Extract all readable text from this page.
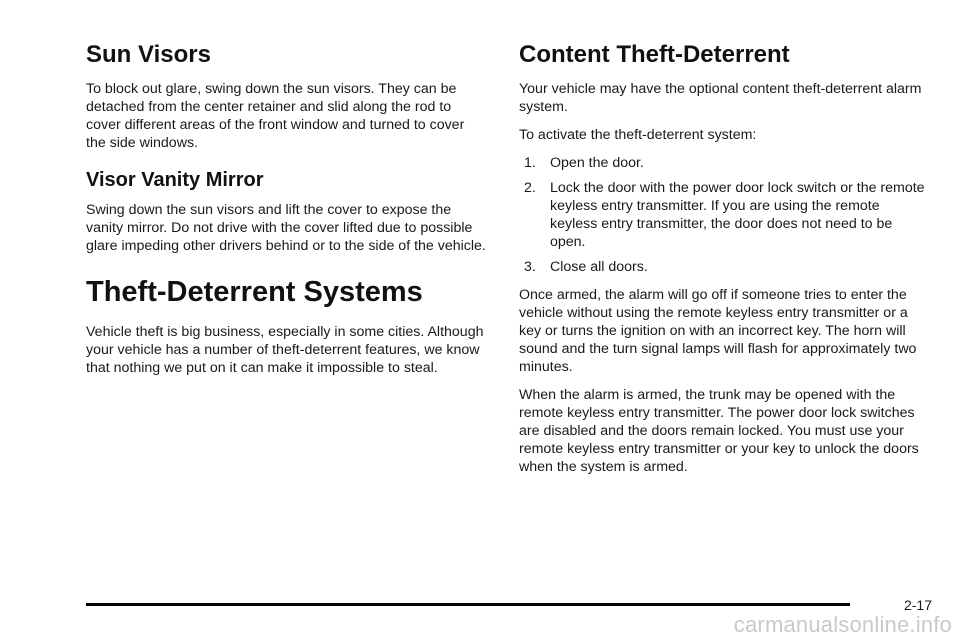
Sun Visors

To block out glare, swing down the sun visors. They can be detached from the center retainer and slid along the rod to cover different areas of the front window and turned to cover the side windows.

Visor Vanity Mirror

Swing down the sun visors and lift the cover to expose the vanity mirror. Do not drive with the cover lifted due to possible glare impeding other drivers behind or to the side of the vehicle.

Theft-Deterrent Systems

Vehicle theft is big business, especially in some cities. Although your vehicle has a number of theft-deterrent features, we know that nothing we put on it can make it impossible to steal.

Content Theft-Deterrent

Your vehicle may have the optional content theft-deterrent alarm system.

To activate the theft-deterrent system:

1. Open the door.
2. Lock the door with the power door lock switch or the remote keyless entry transmitter. If you are using the remote keyless entry transmitter, the door does not need to be open.
3. Close all doors.

Once armed, the alarm will go off if someone tries to enter the vehicle without using the remote keyless entry transmitter or a key or turns the ignition on with an incorrect key. The horn will sound and the turn signal lamps will flash for approximately two minutes.

When the alarm is armed, the trunk may be opened with the remote keyless entry transmitter. The power door lock switches are disabled and the doors remain locked. You must use your remote keyless entry transmitter or your key to unlock the doors when the system is armed.

2-17
carmanualsonline.info
